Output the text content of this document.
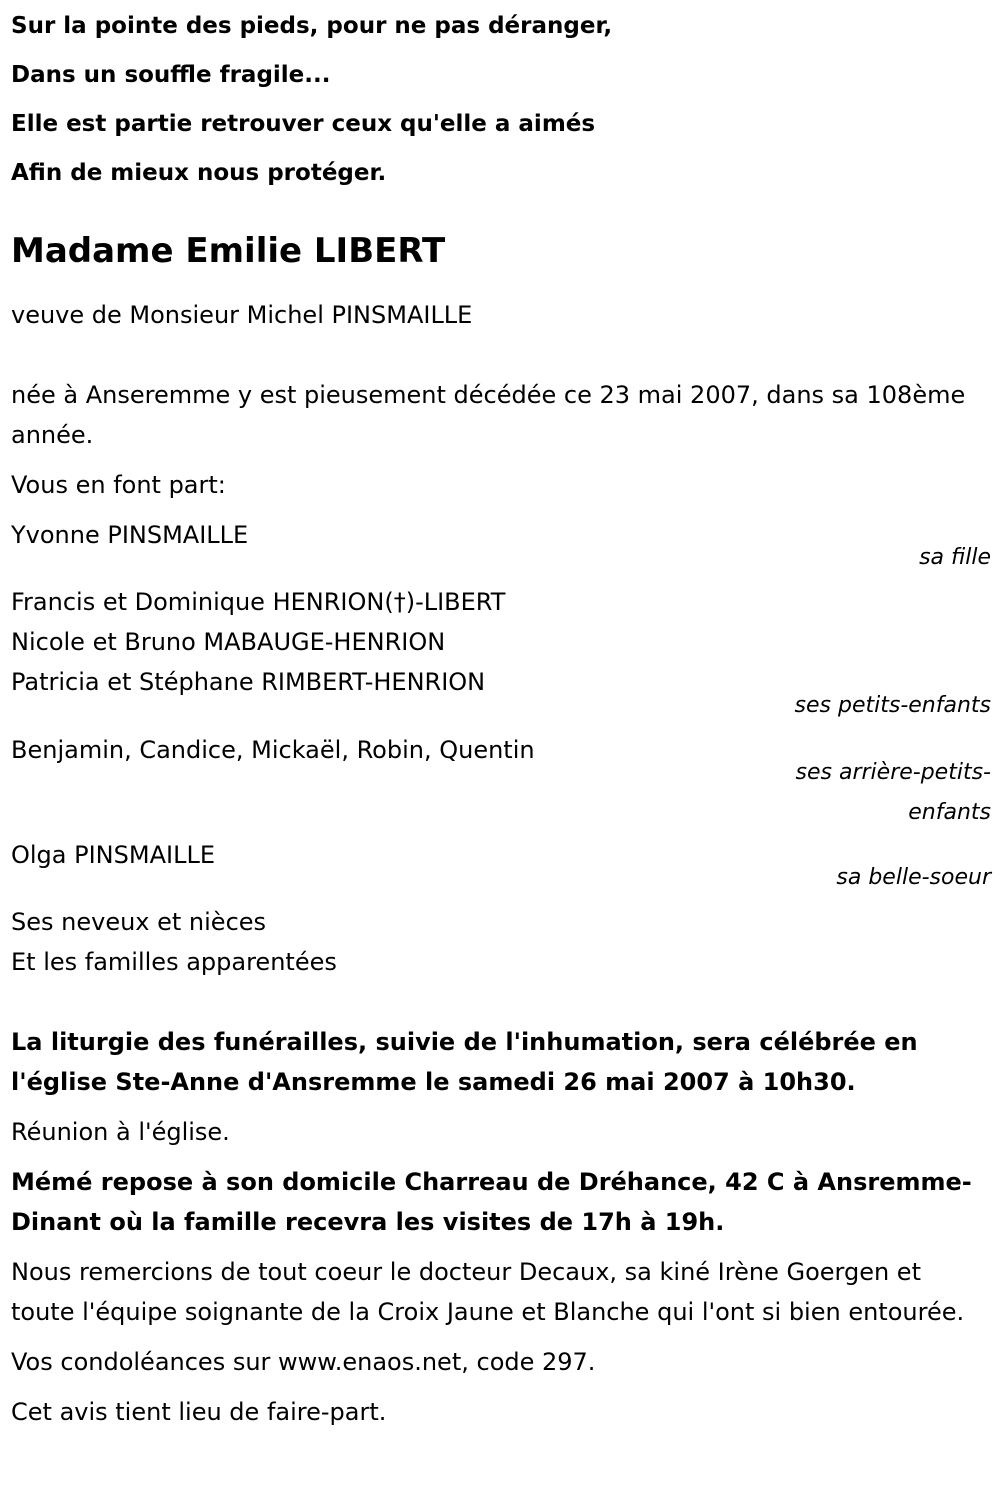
Sur la pointe des pieds, pour ne pas déranger,

Dans un souffle fragile...

Elle est partie retrouver ceux qu'elle a aimés

Afin de mieux nous protéger.

Madame Emilie LIBERT

veuve de Monsieur Michel PINSMAILLE

née à Anseremme y est pieusement décédée ce 23 mai 2007, dans sa 108ème année.

Vous en font part:

Yvonne PINSMAILLE

sa fille

Francis et Dominique HENRION(†)-LIBERT

Nicole et Bruno MABAUGE-HENRION

Patricia et Stéphane RIMBERT-HENRION

ses petits-enfants

Benjamin, Candice, Mickaël, Robin, Quentin

ses arrière-petits-

enfants

Olga PINSMAILLE

sa belle-soeur

Ses neveux et nièces

Et les familles apparentées

La liturgie des funérailles, suivie de l'inhumation, sera célébrée en l'église Ste-Anne d'Ansremme le samedi 26 mai 2007 à 10h30.

Réunion à l'église.

Mémé repose à son domicile Charreau de Dréhance, 42 C à Ansremme-Dinant où la famille recevra les visites de 17h à 19h.

Nous remercions de tout coeur le docteur Decaux, sa kiné Irène Goergen et toute l'équipe soignante de la Croix Jaune et Blanche qui l'ont si bien entourée.

Vos condoléances sur www.enaos.net, code 297.

Cet avis tient lieu de faire-part.
